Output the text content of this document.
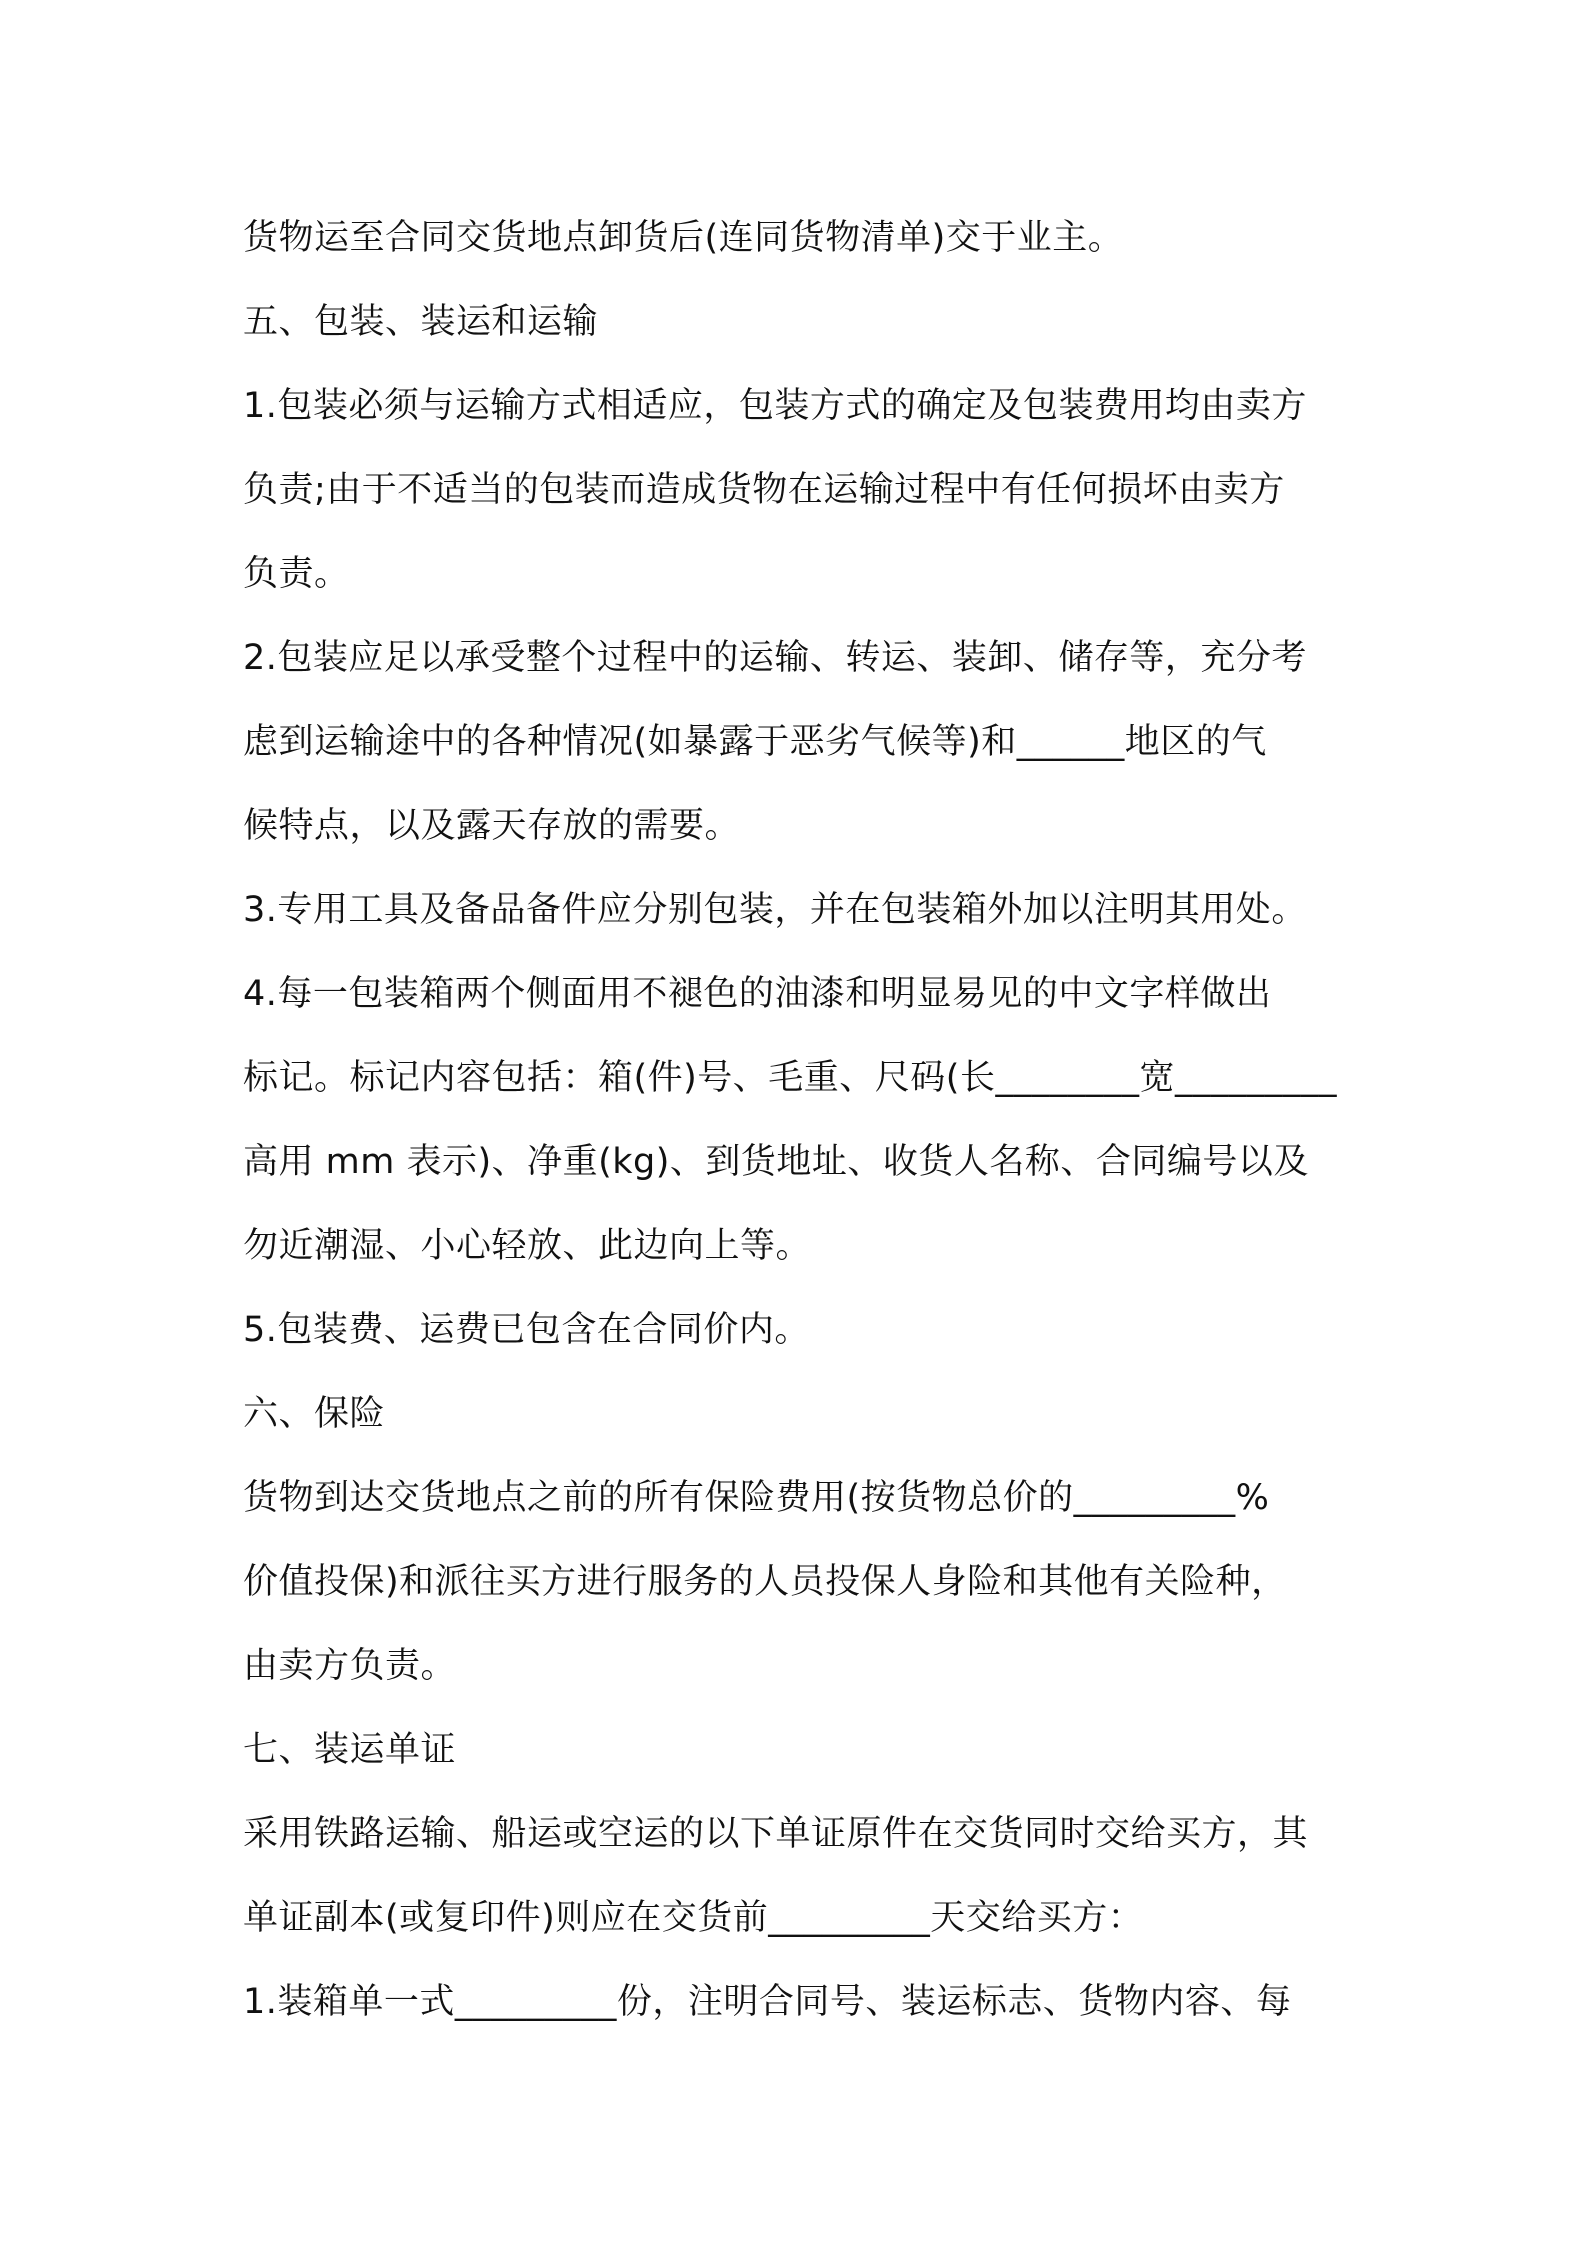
货物运至合同交货地点卸货后(连同货物清单)交于业主。
五、包装、装运和运输
1.包装必须与运输方式相适应，包装方式的确定及包装费用均由卖方
负责;由于不适当的包装而造成货物在运输过程中有任何损坏由卖方
负责。
2.包装应足以承受整个过程中的运输、转运、装卸、储存等，充分考
虑到运输途中的各种情况(如暴露于恶劣气候等)和______地区的气
候特点，以及露天存放的需要。
3.专用工具及备品备件应分别包装，并在包装箱外加以注明其用处。
4.每一包装箱两个侧面用不褪色的油漆和明显易见的中文字样做出
标记。标记内容包括：箱(件)号、毛重、尺码(长________宽_________
高用 mm 表示)、净重(kg)、到货地址、收货人名称、合同编号以及
勿近潮湿、小心轻放、此边向上等。
5.包装费、运费已包含在合同价内。
六、保险
货物到达交货地点之前的所有保险费用(按货物总价的_________%
价值投保)和派往买方进行服务的人员投保人身险和其他有关险种，
由卖方负责。
七、装运单证
采用铁路运输、船运或空运的以下单证原件在交货同时交给买方，其
单证副本(或复印件)则应在交货前_________天交给买方：
1.装箱单一式_________份，注明合同号、装运标志、货物内容、每
